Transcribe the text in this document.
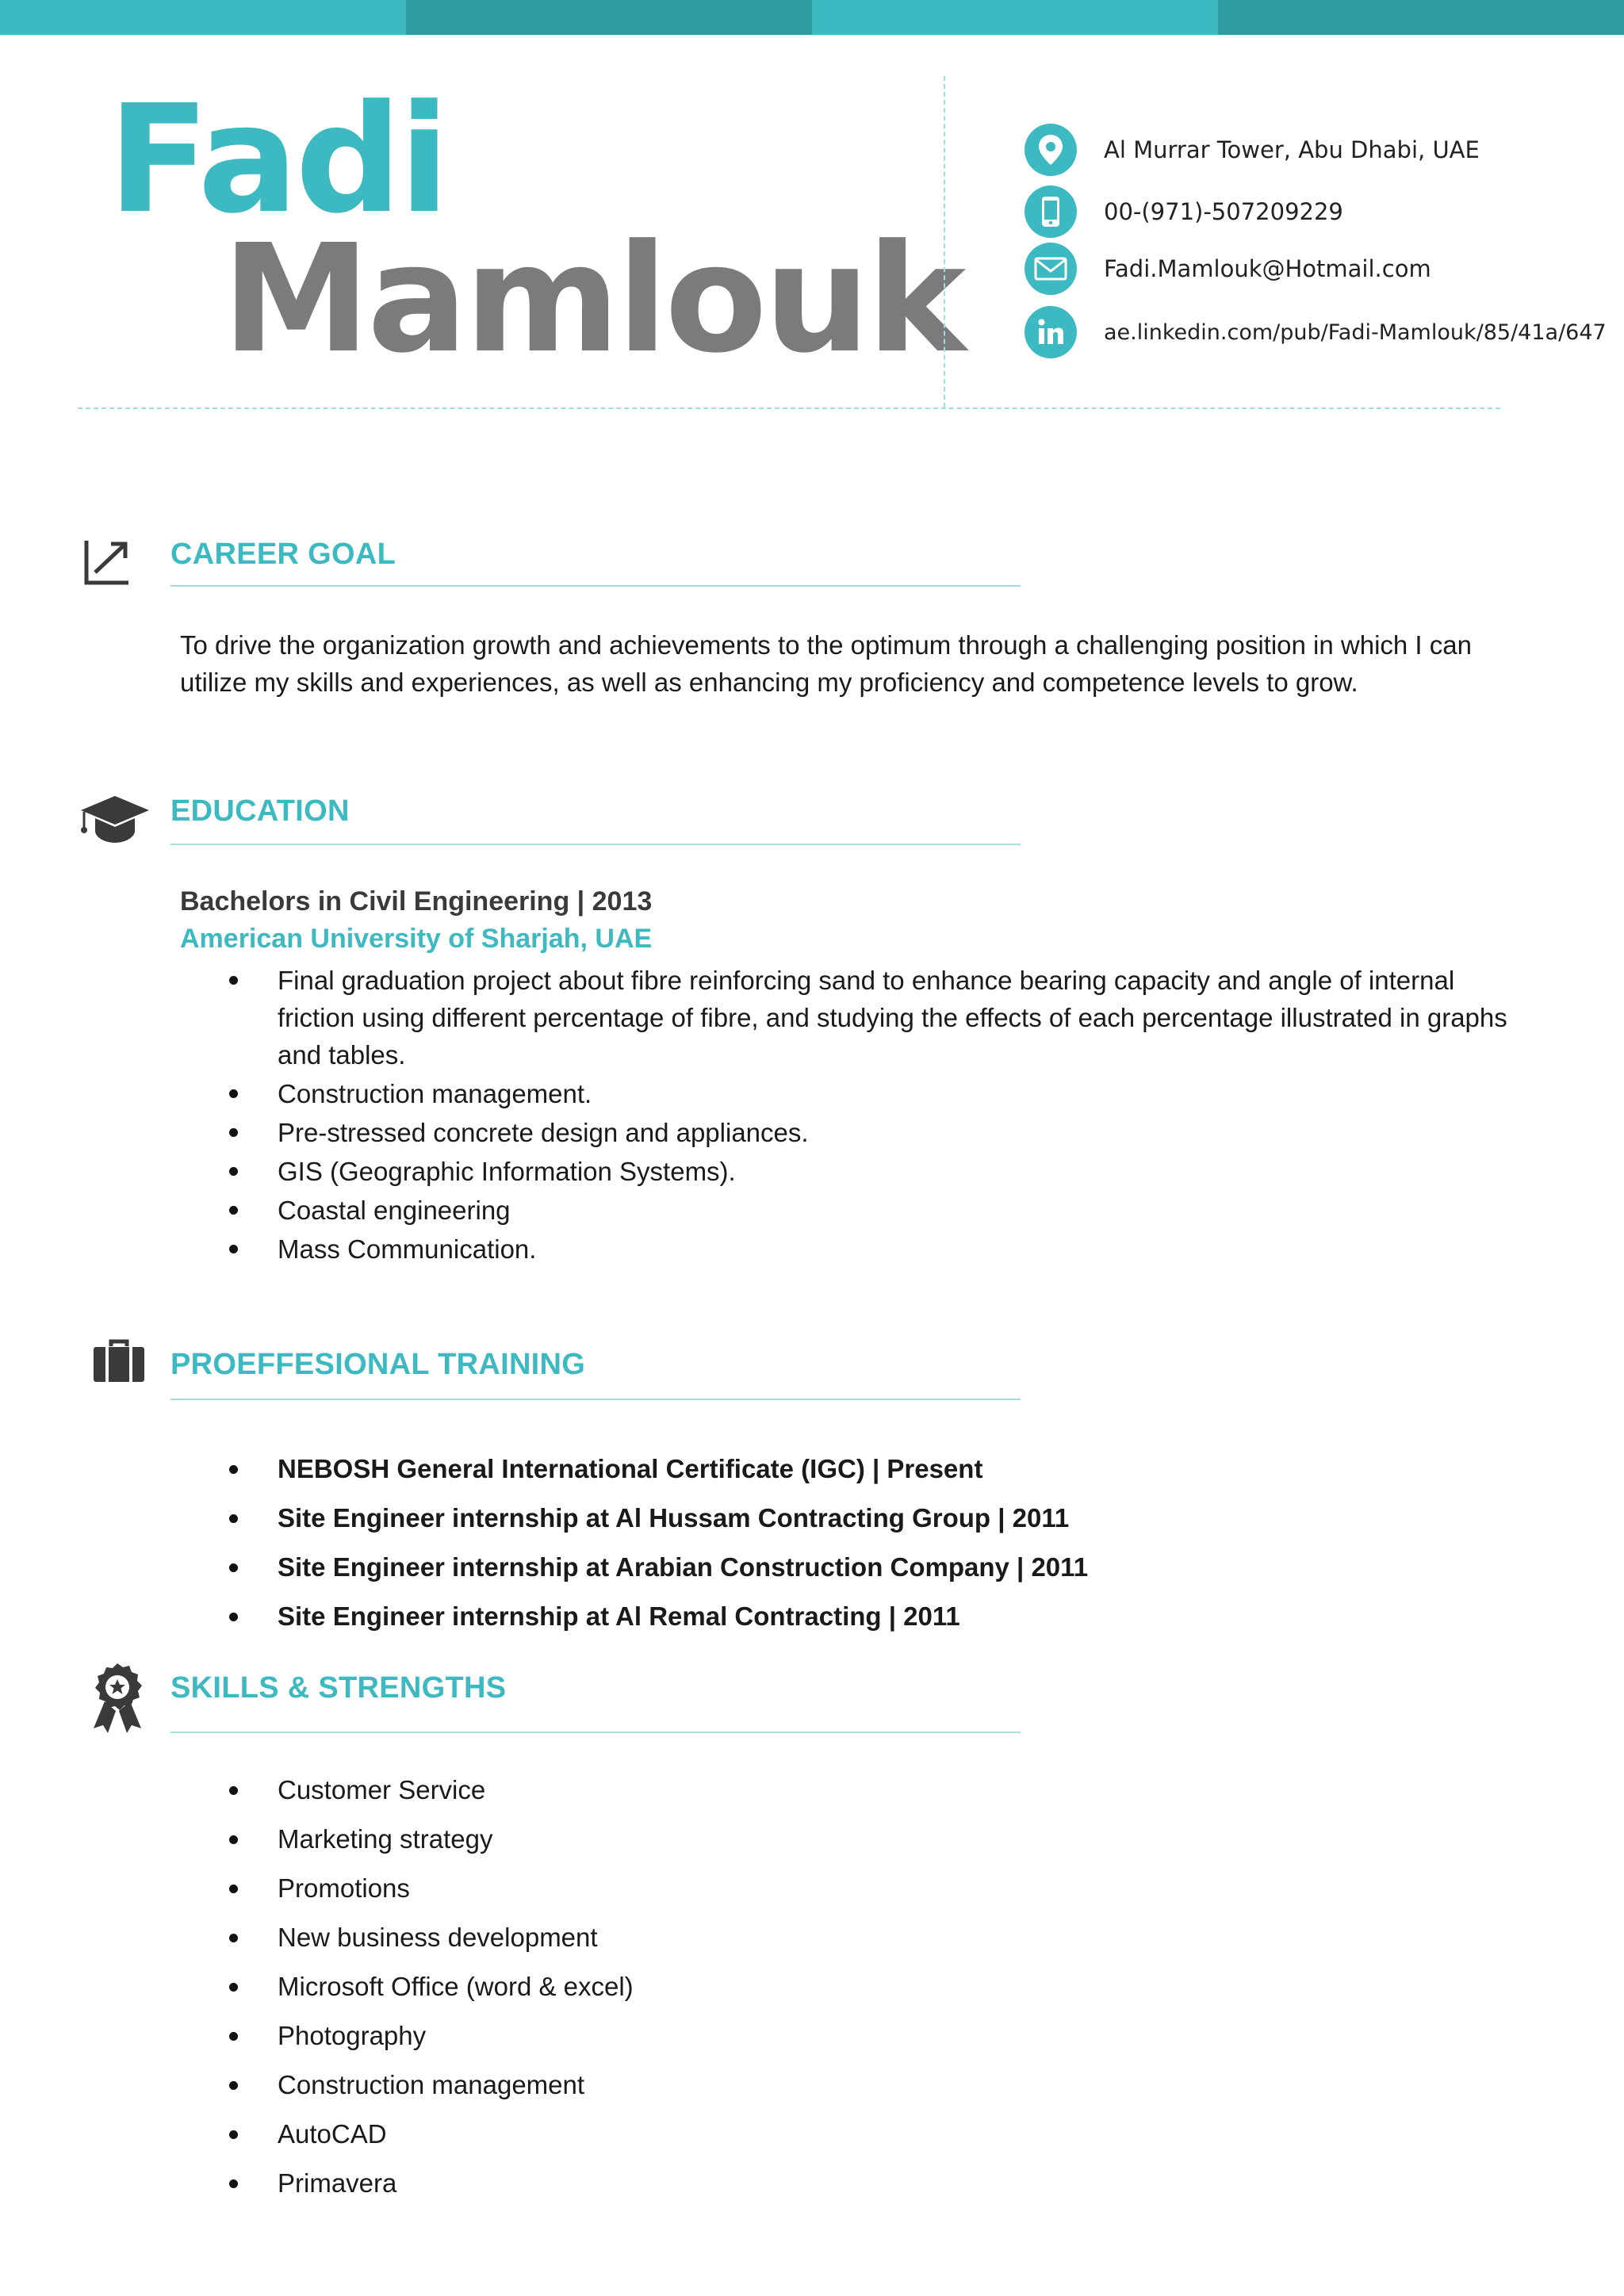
Fadi
Mamlouk
Al Murrar Tower, Abu Dhabi, UAE
00-(971)-507209229
Fadi.Mamlouk@Hotmail.com
ae.linkedin.com/pub/Fadi-Mamlouk/85/41a/647
CAREER GOAL

To drive the organization growth and achievements to the optimum through a challenging position in which I can utilize my skills and experiences, as well as enhancing my proficiency and competence levels to grow.

EDUCATION

Bachelors in Civil Engineering | 2013

American University of Sharjah, UAE

Final graduation project about fibre reinforcing sand to enhance bearing capacity and angle of internal friction using different percentage of fibre, and studying the effects of each percentage illustrated in graphs and tables.
Construction management.
Pre-stressed concrete design and appliances.
GIS (Geographic Information Systems).
Coastal engineering
Mass Communication.
PROEFFESIONAL TRAINING
NEBOSH General International Certificate (IGC) | Present
Site Engineer internship at Al Hussam Contracting Group | 2011
Site Engineer internship at Arabian Construction Company | 2011
Site Engineer internship at Al Remal Contracting | 2011
SKILLS & STRENGTHS
Customer Service
Marketing strategy
Promotions
New business development
Microsoft Office (word & excel)
Photography
Construction management
AutoCAD
Primavera
